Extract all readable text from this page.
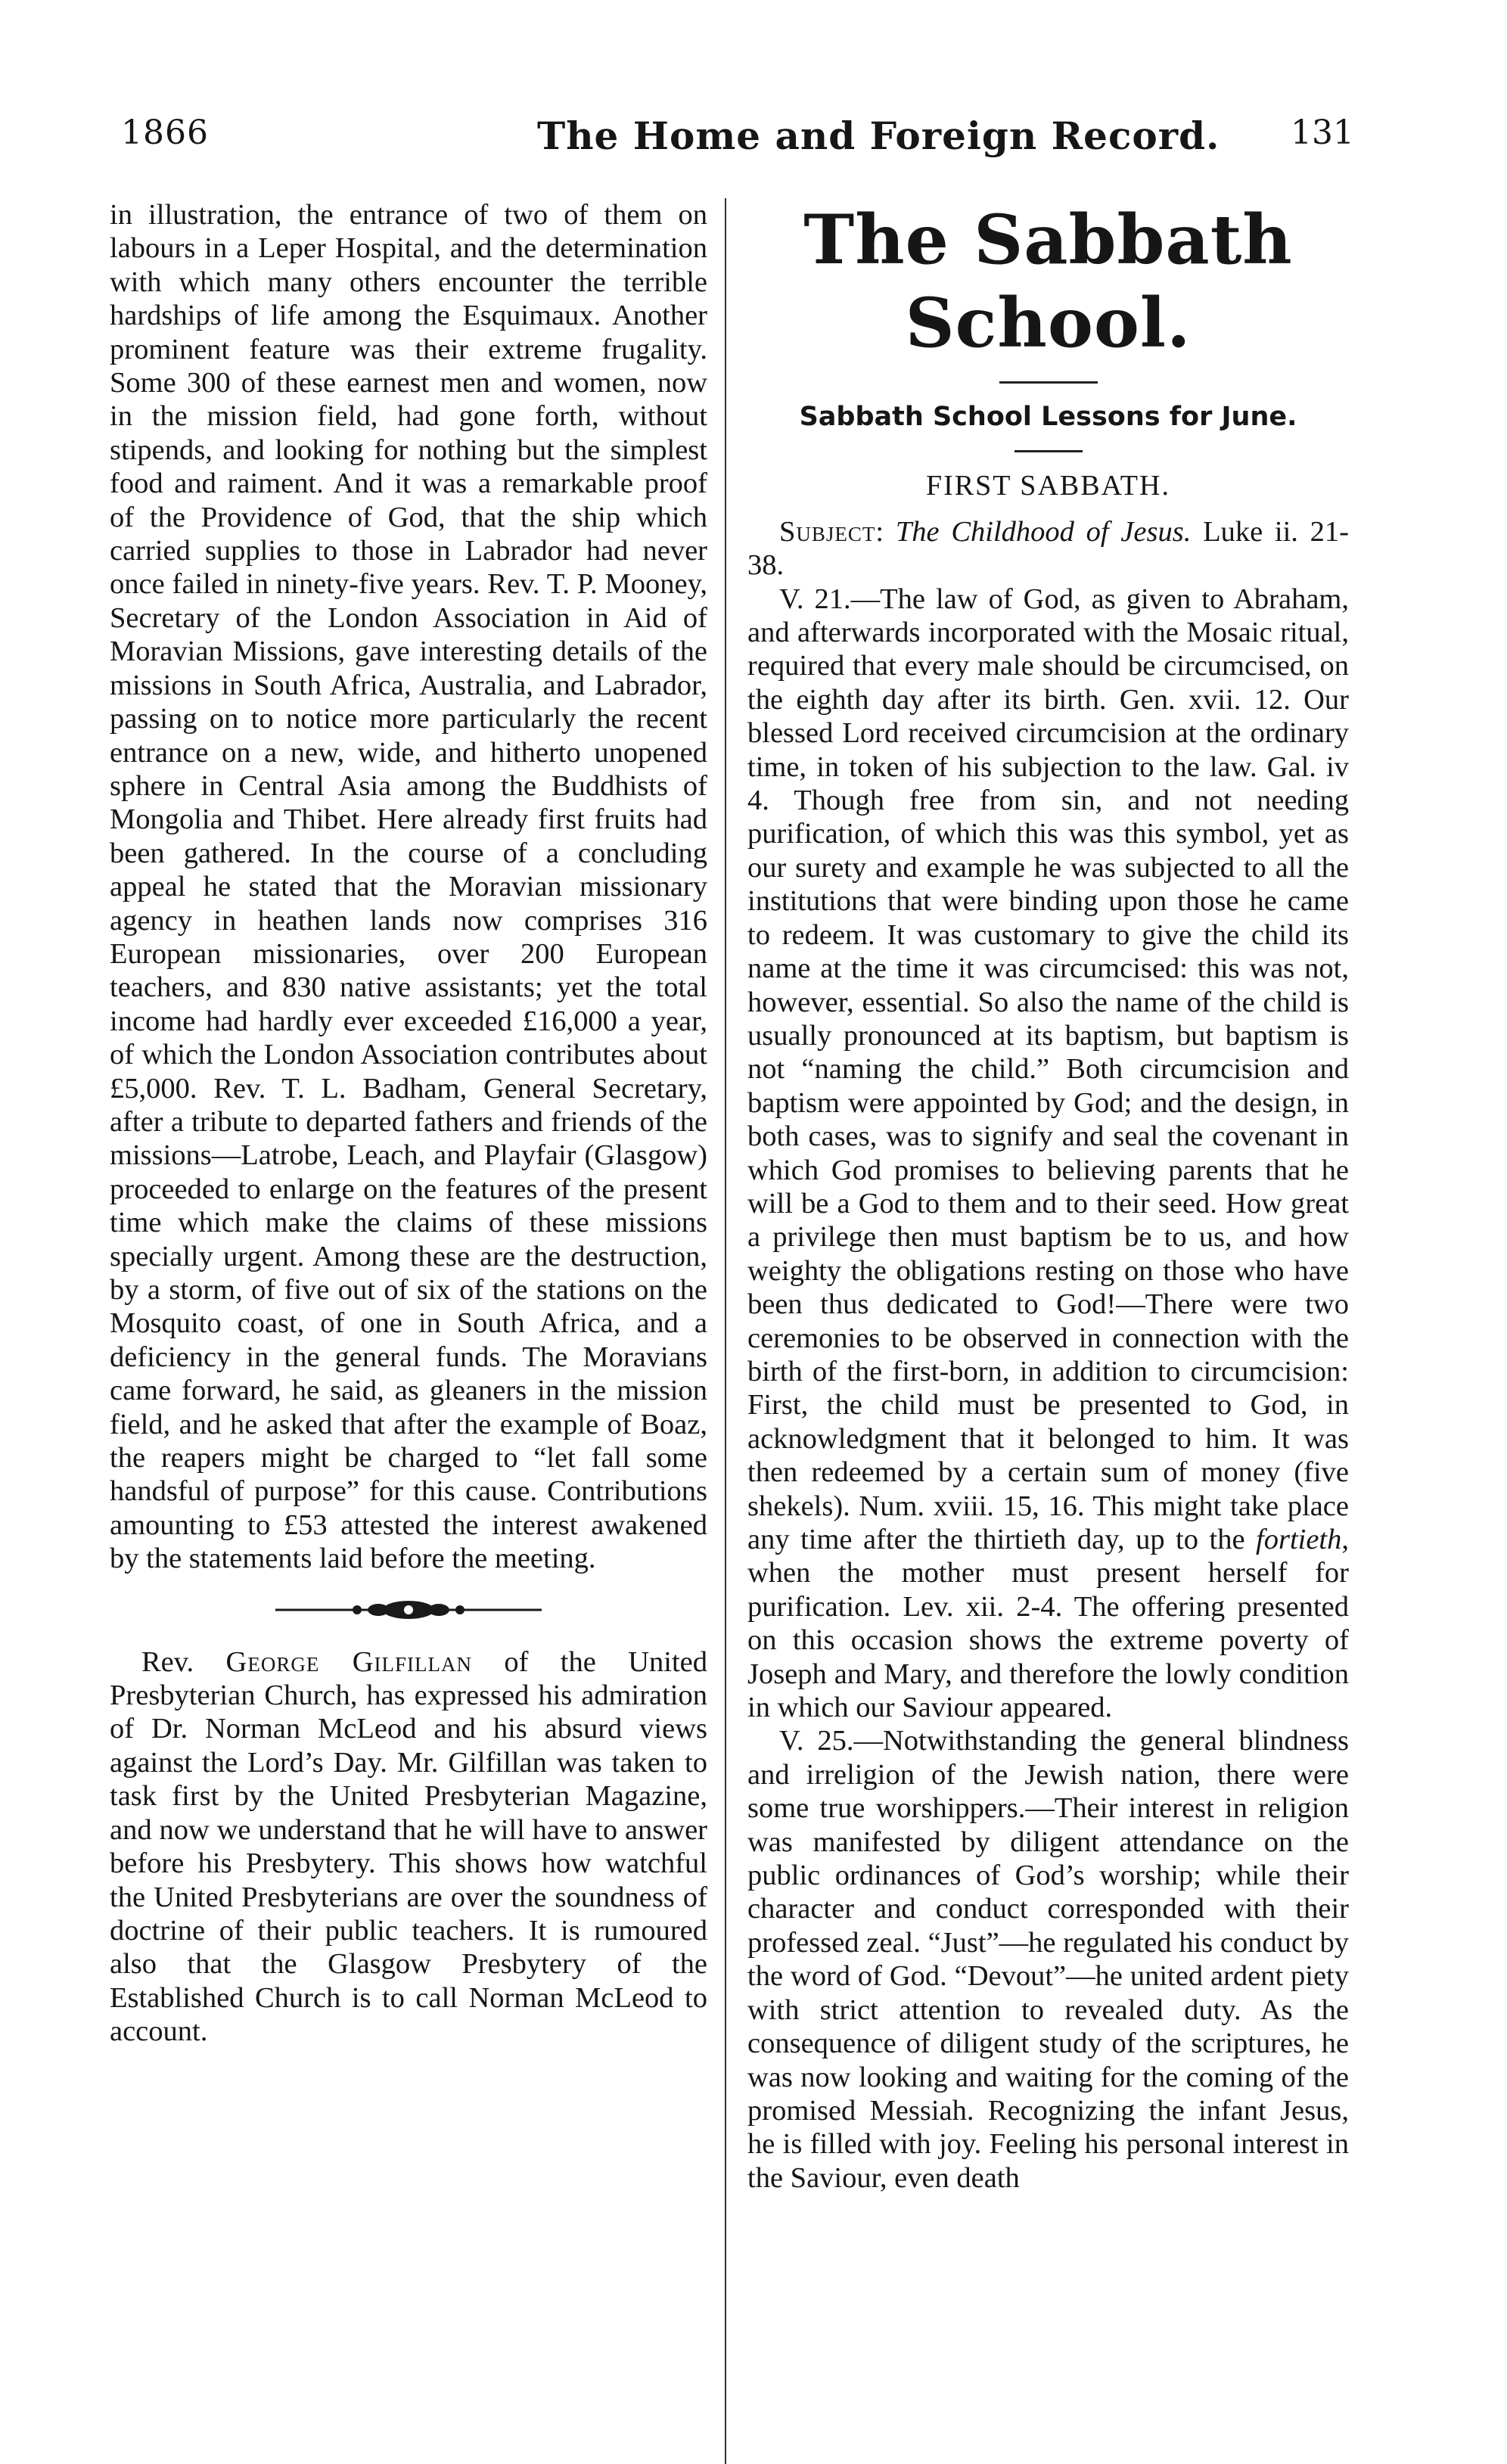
1866	The Home and Foreign Record. 131

in illustration, the entrance of two of them on labours in a Leper Hospital, and the determination with which many others encounter the terrible hardships of life among the Esquimaux. Another prominent feature was their extreme frugality. Some 300 of these earnest men and women, now in the mission field, had gone forth, without stipends, and looking for nothing but the simplest food and raiment. And it was a remarkable proof of the Providence of God, that the ship which carried supplies to those in Labrador had never once failed in ninety-five years. Rev. T. P. Mooney, Secretary of the London Association in Aid of Moravian Missions, gave interesting details of the missions in South Africa, Australia, and Labrador, passing on to notice more particularly the recent entrance on a new, wide, and hitherto unopened sphere in Central Asia among the Buddhists of Mongolia and Thibet. Here already first fruits had been gathered. In the course of a concluding appeal he stated that the Moravian missionary agency in heathen lands now comprises 316 European missionaries, over 200 European teachers, and 830 native assistants; yet the total income had hardly ever exceeded £16,000 a year, of which the London Association contributes about £5,000. Rev. T. L. Badham, General Secretary, after a tribute to departed fathers and friends of the missions—Latrobe, Leach, and Playfair (Glasgow) proceeded to enlarge on the features of the present time which make the claims of these missions specially urgent. Among these are the destruction, by a storm, of five out of six of the stations on the Mosquito coast, of one in South Africa, and a deficiency in the general funds. The Moravians came forward, he said, as gleaners in the mission field, and he asked that after the example of Boaz, the reapers might be charged to “let fall some handsful of purpose” for this cause. Contributions amounting to £53 attested the interest awakened by the statements laid before the meeting.

Rev. George Gilfillan of the United Presbyterian Church, has expressed his admiration of Dr. Norman McLeod and his absurd views against the Lord’s Day. Mr. Gilfillan was taken to task first by the United Presbyterian Magazine, and now we understand that he will have to answer before his Presbytery. This shows how watchful the United Presbyterians are over the soundness of doctrine of their public teachers. It is rumoured also that the Glasgow Presbytery of the Established Church is to call Norman McLeod to account.

The Sabbath School.
Sabbath School Lessons for June.
FIRST SABBATH.

Subject: The Childhood of Jesus. Luke ii. 21-38.

V. 21.—The law of God, as given to Abraham, and afterwards incorporated with the Mosaic ritual, required that every male should be circumcised, on the eighth day after its birth. Gen. xvii. 12. Our blessed Lord received circumcision at the ordinary time, in token of his subjection to the law. Gal. iv 4. Though free from sin, and not needing purification, of which this was this symbol, yet as our surety and example he was subjected to all the institutions that were binding upon those he came to redeem. It was customary to give the child its name at the time it was circumcised: this was not, however, essential. So also the name of the child is usually pronounced at its baptism, but baptism is not “naming the child.” Both circumcision and baptism were appointed by God; and the design, in both cases, was to signify and seal the covenant in which God promises to believing parents that he will be a God to them and to their seed. How great a privilege then must baptism be to us, and how weighty the obligations resting on those who have been thus dedicated to God!—There were two ceremonies to be observed in connection with the birth of the first-born, in addition to circumcision: First, the child must be presented to God, in acknowledgment that it belonged to him. It was then redeemed by a certain sum of money (five shekels). Num. xviii. 15, 16. This might take place any time after the thirtieth day, up to the fortieth, when the mother must present herself for purification. Lev. xii. 2-4. The offering presented on this occasion shows the extreme poverty of Joseph and Mary, and therefore the lowly condition in which our Saviour appeared.

V. 25.—Notwithstanding the general blindness and irreligion of the Jewish nation, there were some true worshippers.—Their interest in religion was manifested by diligent attendance on the public ordinances of God’s worship; while their character and conduct corresponded with their professed zeal. “Just”—he regulated his conduct by the word of God. “Devout”—he united ardent piety with strict attention to revealed duty. As the consequence of diligent study of the scriptures, he was now looking and waiting for the coming of the promised Messiah. Recognizing the infant Jesus, he is filled with joy. Feeling his personal interest in the Saviour, even death
